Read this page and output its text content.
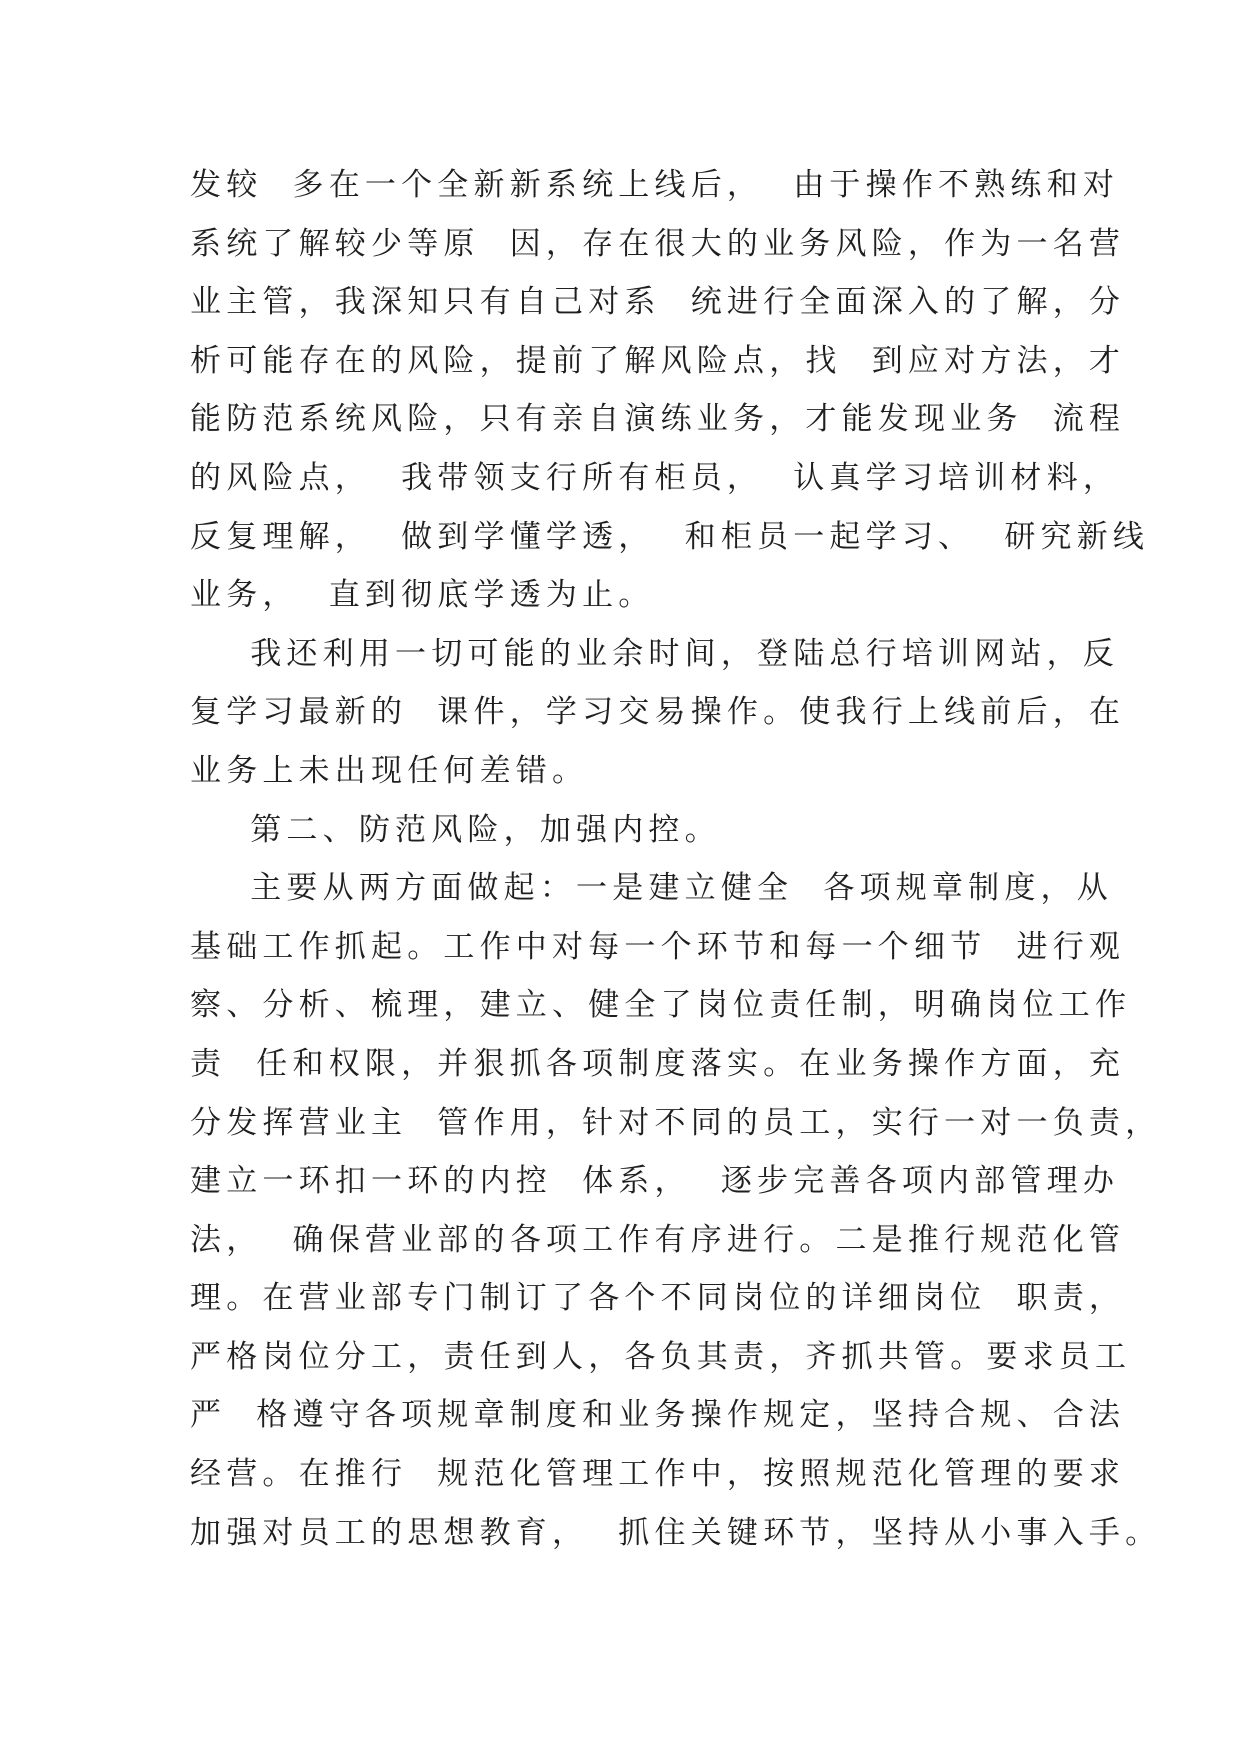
发较  多在一个全新新系统上线后，  由于操作不熟练和对
系统了解较少等原  因，存在很大的业务风险，作为一名营
业主管，我深知只有自己对系  统进行全面深入的了解，分
析可能存在的风险，提前了解风险点，找  到应对方法，才
能防范系统风险，只有亲自演练业务，才能发现业务  流程
的风险点，  我带领支行所有柜员，  认真学习培训材料，
反复理解，  做到学懂学透，  和柜员一起学习、  研究新线
业务，  直到彻底学透为止。
我还利用一切可能的业余时间，登陆总行培训网站，反
复学习最新的  课件，学习交易操作。使我行上线前后，在
业务上未出现任何差错。
第二、防范风险，加强内控。
主要从两方面做起：一是建立健全  各项规章制度，从
基础工作抓起。工作中对每一个环节和每一个细节  进行观
察、分析、梳理，建立、健全了岗位责任制，明确岗位工作
责  任和权限，并狠抓各项制度落实。在业务操作方面，充
分发挥营业主  管作用，针对不同的员工，实行一对一负责，
建立一环扣一环的内控  体系，  逐步完善各项内部管理办
法，  确保营业部的各项工作有序进行。二是推行规范化管
理。在营业部专门制订了各个不同岗位的详细岗位  职责，
严格岗位分工，责任到人，各负其责，齐抓共管。要求员工
严  格遵守各项规章制度和业务操作规定，坚持合规、合法
经营。在推行  规范化管理工作中，按照规范化管理的要求
加强对员工的思想教育，  抓住关键环节，坚持从小事入手。
